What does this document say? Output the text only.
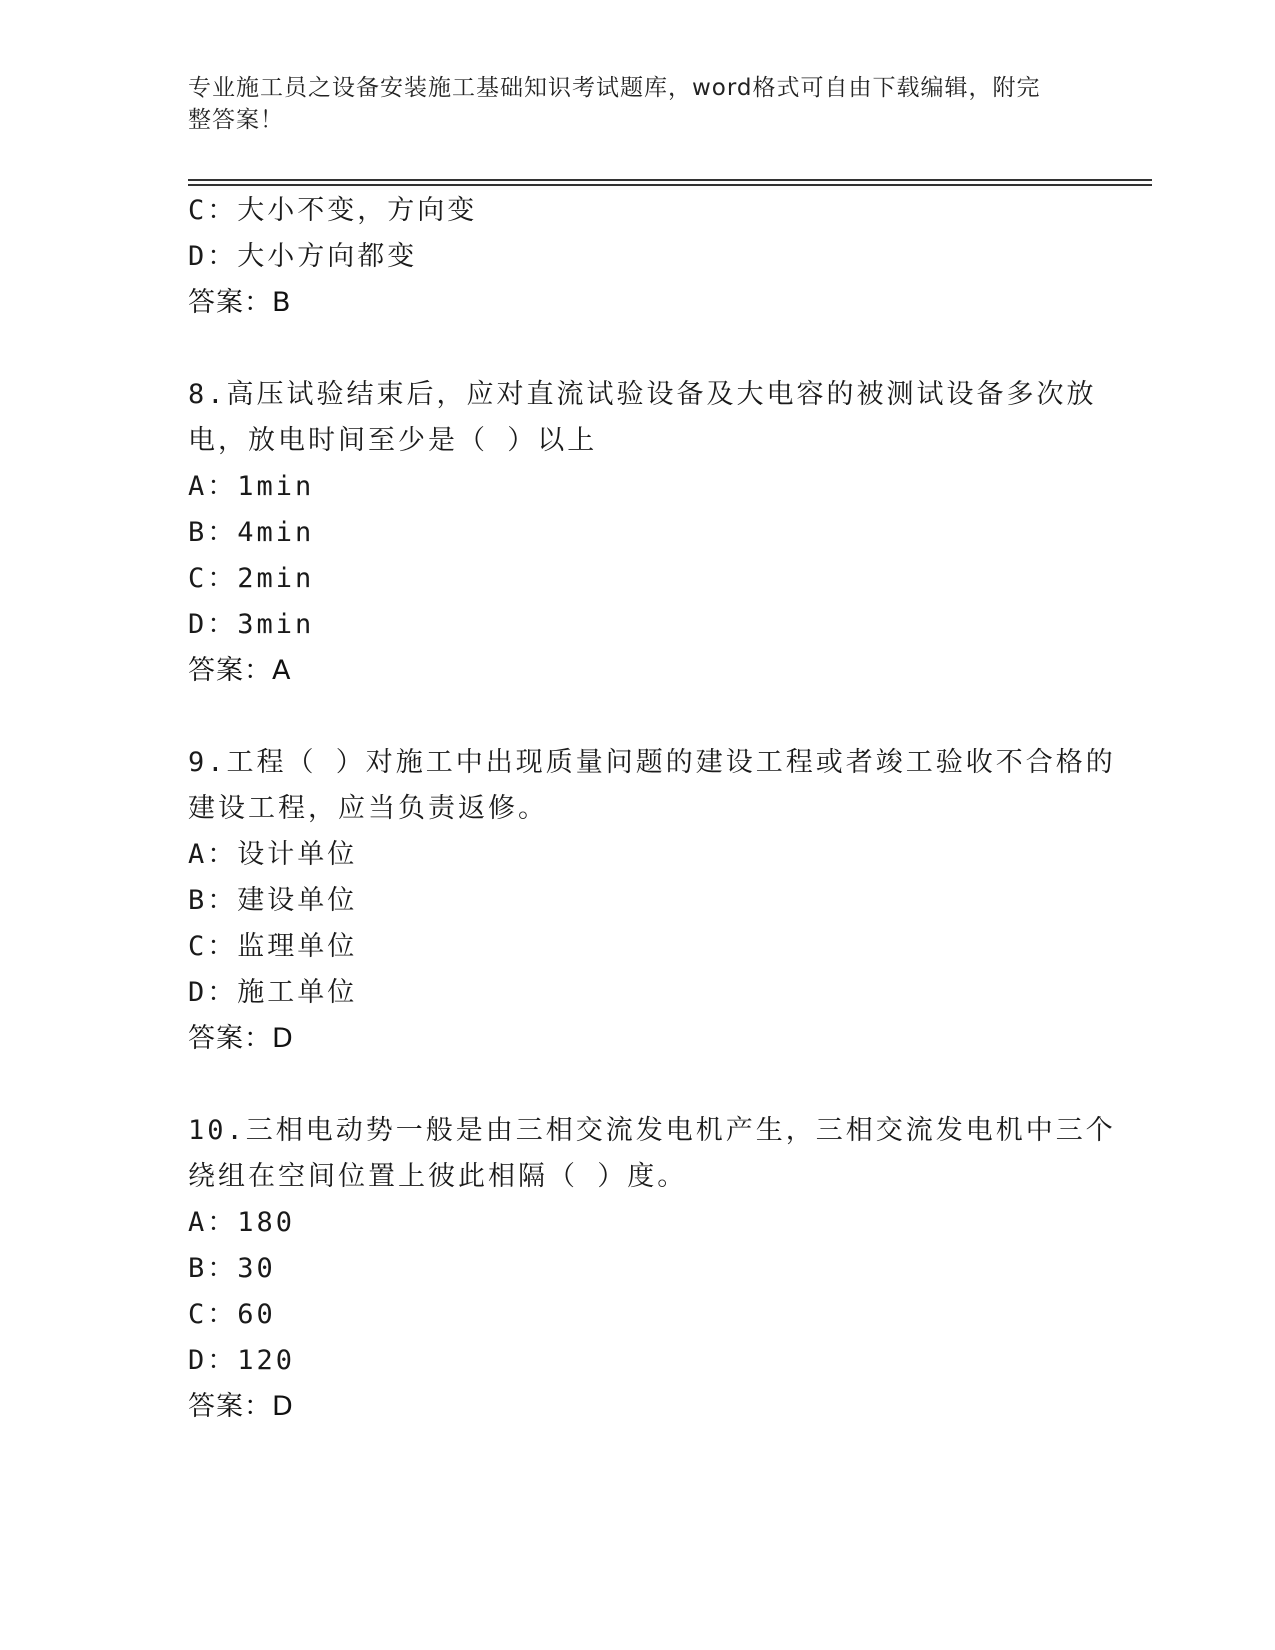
专业施工员之设备安装施工基础知识考试题库，word格式可自由下载编辑，附完
整答案！
C：大小不变，方向变
D：大小方向都变
答案：B
8.高压试验结束后，应对直流试验设备及大电容的被测试设备多次放
电，放电时间至少是（ ）以上
A：1min
B：4min
C：2min
D：3min
答案：A
9.工程（ ）对施工中出现质量问题的建设工程或者竣工验收不合格的
建设工程，应当负责返修。
A：设计单位
B：建设单位
C：监理单位
D：施工单位
答案：D
10.三相电动势一般是由三相交流发电机产生，三相交流发电机中三个
绕组在空间位置上彼此相隔（ ）度。
A：180
B：30
C：60
D：120
答案：D
